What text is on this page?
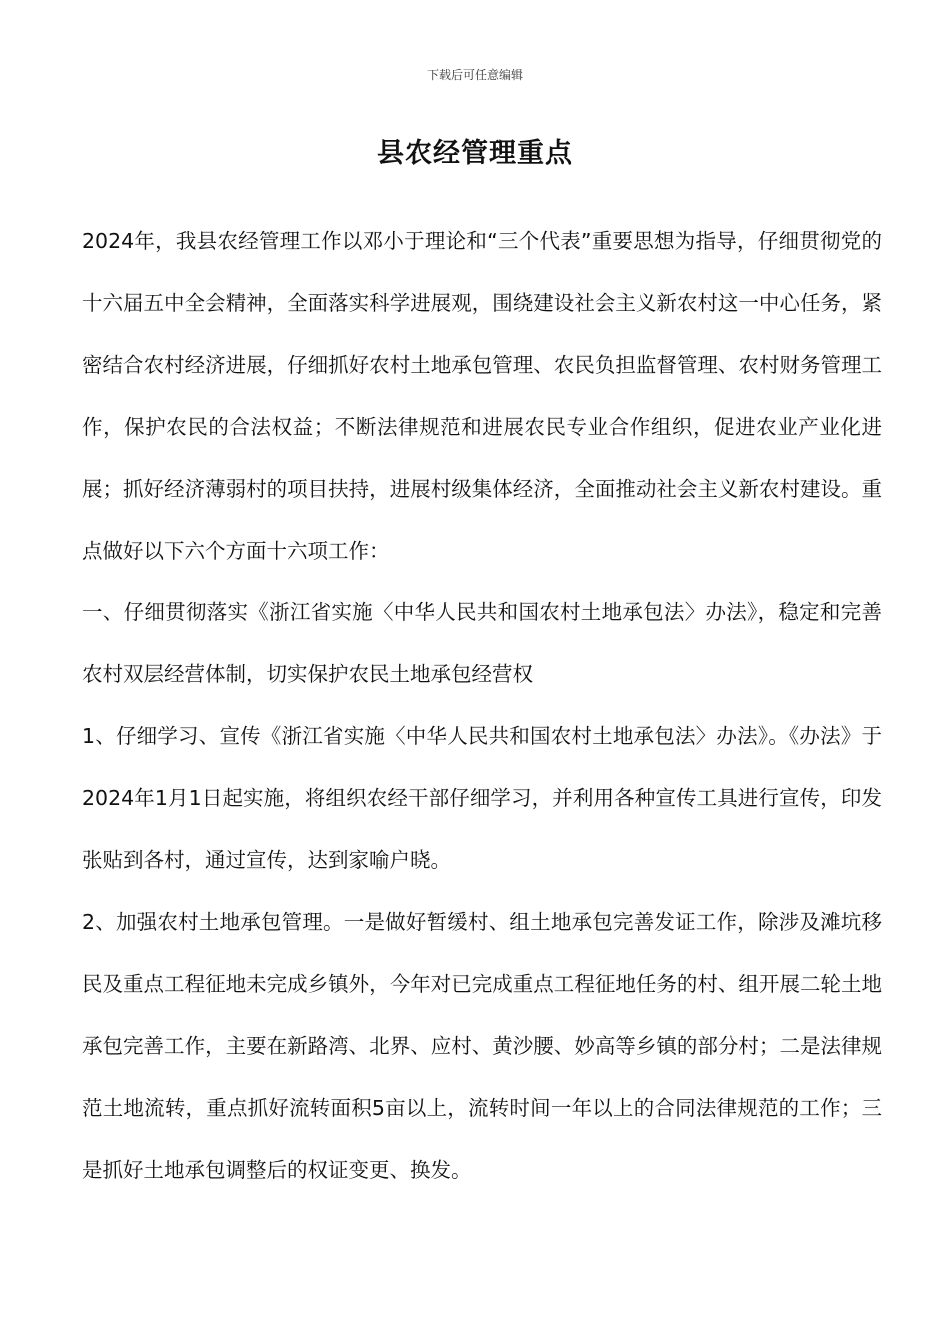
下载后可任意编辑
县农经管理重点

2024年，我县农经管理工作以邓小于理论和“三个代表”重要思想为指导，仔细贯彻党的十六届五中全会精神，全面落实科学进展观，围绕建设社会主义新农村这一中心任务，紧密结合农村经济进展，仔细抓好农村土地承包管理、农民负担监督管理、农村财务管理工作，保护农民的合法权益；不断法律规范和进展农民专业合作组织，促进农业产业化进展；抓好经济薄弱村的项目扶持，进展村级集体经济，全面推动社会主义新农村建设。重点做好以下六个方面十六项工作：

一、仔细贯彻落实《浙江省实施〈中华人民共和国农村土地承包法〉办法》，稳定和完善农村双层经营体制，切实保护农民土地承包经营权

1、仔细学习、宣传《浙江省实施〈中华人民共和国农村土地承包法〉办法》。《办法》于2024年1月1日起实施，将组织农经干部仔细学习，并利用各种宣传工具进行宣传，印发张贴到各村，通过宣传，达到家喻户晓。

2、加强农村土地承包管理。一是做好暂缓村、组土地承包完善发证工作，除涉及滩坑移民及重点工程征地未完成乡镇外，今年对已完成重点工程征地任务的村、组开展二轮土地承包完善工作，主要在新路湾、北界、应村、黄沙腰、妙高等乡镇的部分村；二是法律规范土地流转，重点抓好流转面积5亩以上，流转时间一年以上的合同法律规范的工作；三是抓好土地承包调整后的权证变更、换发。
